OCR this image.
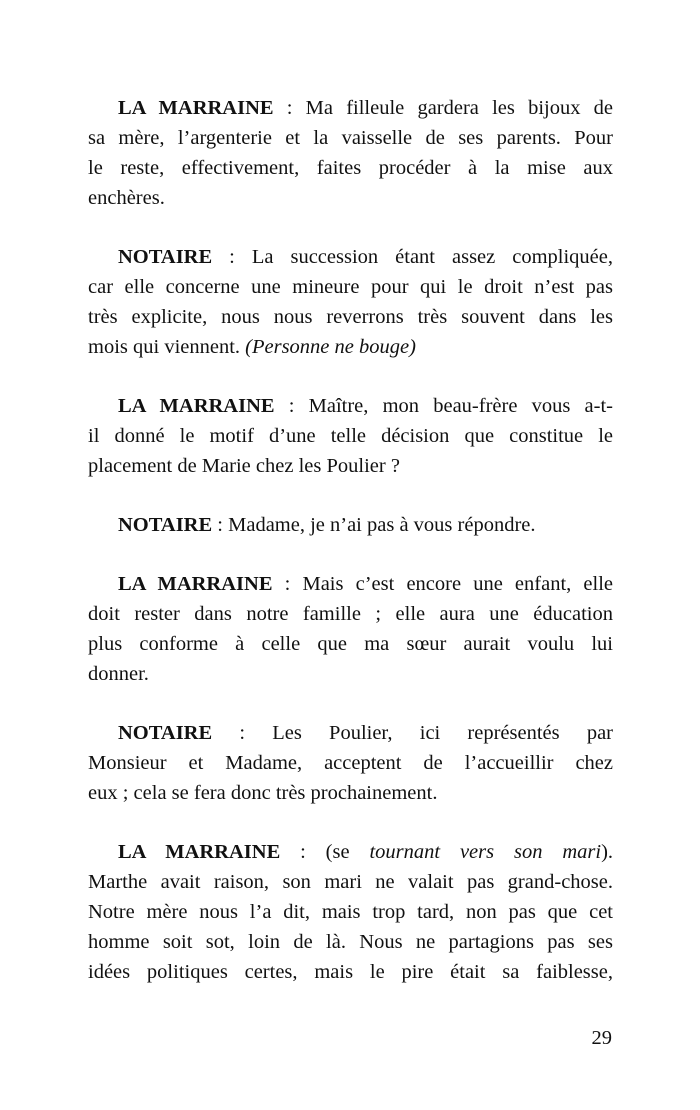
LA MARRAINE : Ma filleule gardera les bijoux de
sa mère, l’argenterie et la vaisselle de ses parents. Pour
le reste, effectivement, faites procéder à la mise aux
enchères.
NOTAIRE : La succession étant assez compliquée,
car elle concerne une mineure pour qui le droit n’est pas
très explicite, nous nous reverrons très souvent dans les
mois qui viennent. (Personne ne bouge)
LA MARRAINE : Maître, mon beau-frère vous a-t-
il donné le motif d’une telle décision que constitue le
placement de Marie chez les Poulier ?
NOTAIRE : Madame, je n’ai pas à vous répondre.
LA MARRAINE : Mais c’est encore une enfant, elle
doit rester dans notre famille ; elle aura une éducation
plus conforme à celle que ma sœur aurait voulu lui
donner.
NOTAIRE : Les Poulier, ici représentés par
Monsieur et Madame, acceptent de l’accueillir chez
eux ; cela se fera donc très prochainement.
LA MARRAINE : (se tournant vers son mari).
Marthe avait raison, son mari ne valait pas grand-chose.
Notre mère nous l’a dit, mais trop tard, non pas que cet
homme soit sot, loin de là. Nous ne partagions pas ses
idées politiques certes, mais le pire était sa faiblesse,
29
